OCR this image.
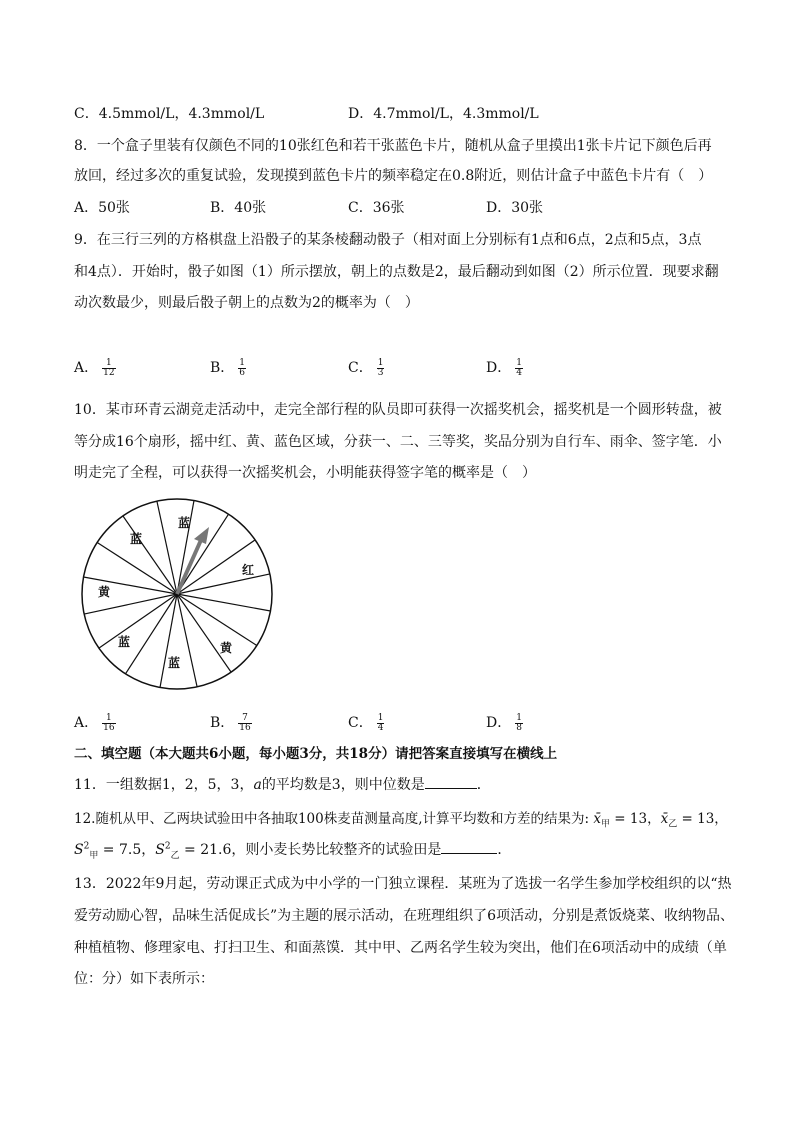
C．4.5mmol/L，4.3mmol/L	D．4.7mmol/L，4.3mmol/L
8．一个盒子里装有仅颜色不同的10张红色和若干张蓝色卡片，随机从盒子里摸出1张卡片记下颜色后再
放回，经过多次的重复试验，发现摸到蓝色卡片的频率稳定在0.8附近，则估计盒子中蓝色卡片有（　）
A．50张	B．40张	C．36张	D．30张
9．在三行三列的方格棋盘上沿骰子的某条棱翻动骰子（相对面上分别标有1点和6点，2点和5点，3点
和4点）．开始时，骰子如图（1）所示摆放，朝上的点数是2，最后翻动到如图（2）所示位置．现要求翻
动次数最少，则最后骰子朝上的点数为2的概率为（　）
A． $\frac{1}{12}$	B． $\frac{1}{6}$	C． $\frac{1}{3}$	D． $\frac{1}{4}$
10．某市环青云湖竞走活动中，走完全部行程的队员即可获得一次摇奖机会，摇奖机是一个圆形转盘，被
等分成16个扇形，摇中红、黄、蓝色区域，分获一、二、三等奖，奖品分别为自行车、雨伞、签字笔．小
明走完了全程，可以获得一次摇奖机会，小明能获得签字笔的概率是（　）
蓝
蓝
红
黄
蓝
蓝
黄
A． $\frac{1}{16}$	B． $\frac{7}{16}$	C． $\frac{1}{4}$	D． $\frac{1}{8}$
二、填空题（本大题共6小题，每小题3分，共18分）请把答案直接填写在横线上
11．一组数据1，2，5，3，a的平均数是3，则中位数是	．
12.随机从甲、乙两块试验田中各抽取100株麦苗测量高度,计算平均数和方差的结果为: $x̄_甲 = 13$，$x̄_乙 = 13$，
$S^2_甲 = 7.5$，$S^2_乙 = 21.6$，则小麦长势比较整齐的试验田是	．
13．2022年9月起，劳动课正式成为中小学的一门独立课程．某班为了选拔一名学生参加学校组织的以“热
爱劳动励心智，品味生活促成长”为主题的展示活动，在班理组织了6项活动，分别是煮饭烧菜、收纳物品、
种植植物、修理家电、打扫卫生、和面蒸馍．其中甲、乙两名学生较为突出，他们在6项活动中的成绩（单
位：分）如下表所示：
